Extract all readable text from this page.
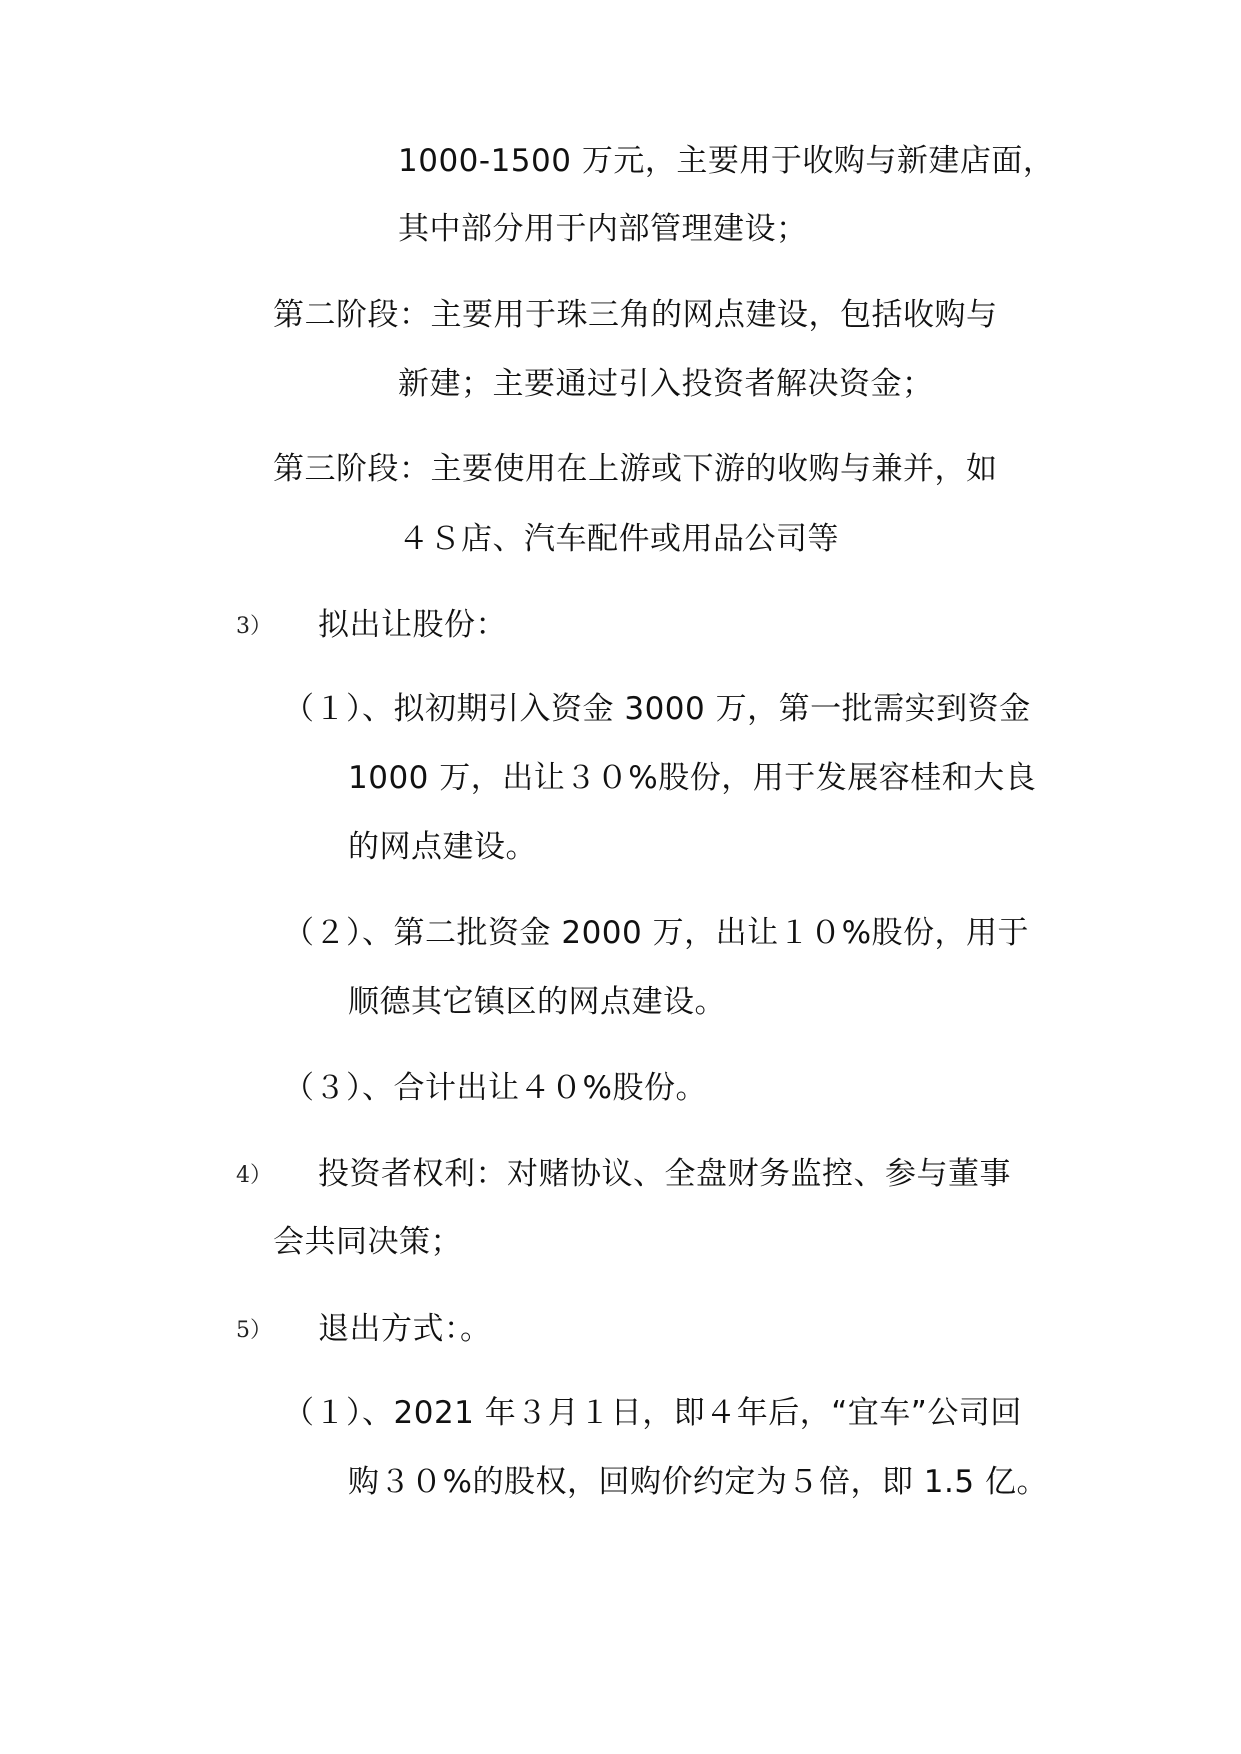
1000-1500 万元，主要用于收购与新建店面，
其中部分用于内部管理建设；
第二阶段：主要用于珠三角的网点建设，包括收购与
新建；主要通过引入投资者解决资金；
第三阶段：主要使用在上游或下游的收购与兼并，如
４Ｓ店、汽车配件或用品公司等
3） 拟出让股份：
（１）、拟初期引入资金 3000 万，第一批需实到资金
1000 万，出让３０%股份，用于发展容桂和大良
的网点建设。
（２）、第二批资金 2000 万，出让１０%股份，用于
顺德其它镇区的网点建设。
（３）、合计出让４０%股份。
4） 投资者权利：对赌协议、全盘财务监控、参与董事
会共同决策；
5） 退出方式：。
（１）、2021 年３月１日，即４年后，“宜车”公司回
购３０%的股权，回购价约定为５倍，即 1.5 亿。
